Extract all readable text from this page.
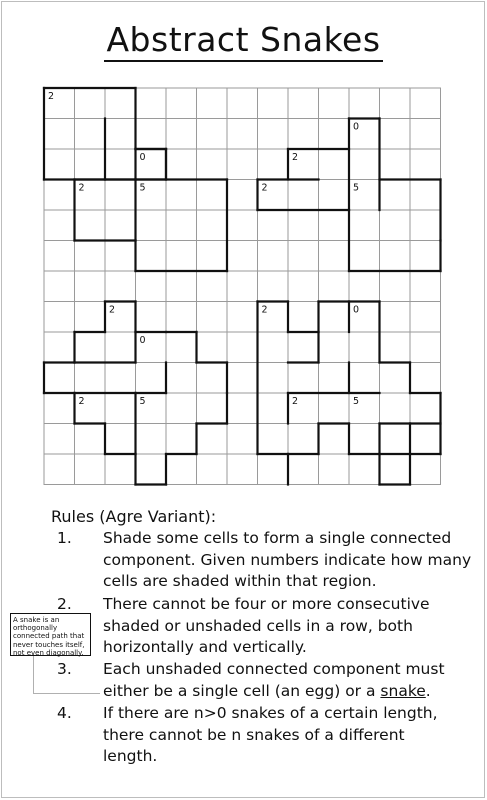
Abstract Snakes
2
0
0	2
2	5	2	5
2	2	0
0
2	5	2	5
Rules (Agre Variant):
1. Shade some cells to form a single connected
component. Given numbers indicate how many
cells are shaded within that region.
2. There cannot be four or more consecutive
shaded or unshaded cells in a row, both
horizontally and vertically.
A snake is an orthogonally connected path that never touches itself, not even diagonally.
3. Each unshaded connected component must
either be a single cell (an egg) or a snake.
4. If there are n>0 snakes of a certain length,
there cannot be n snakes of a different
length.
